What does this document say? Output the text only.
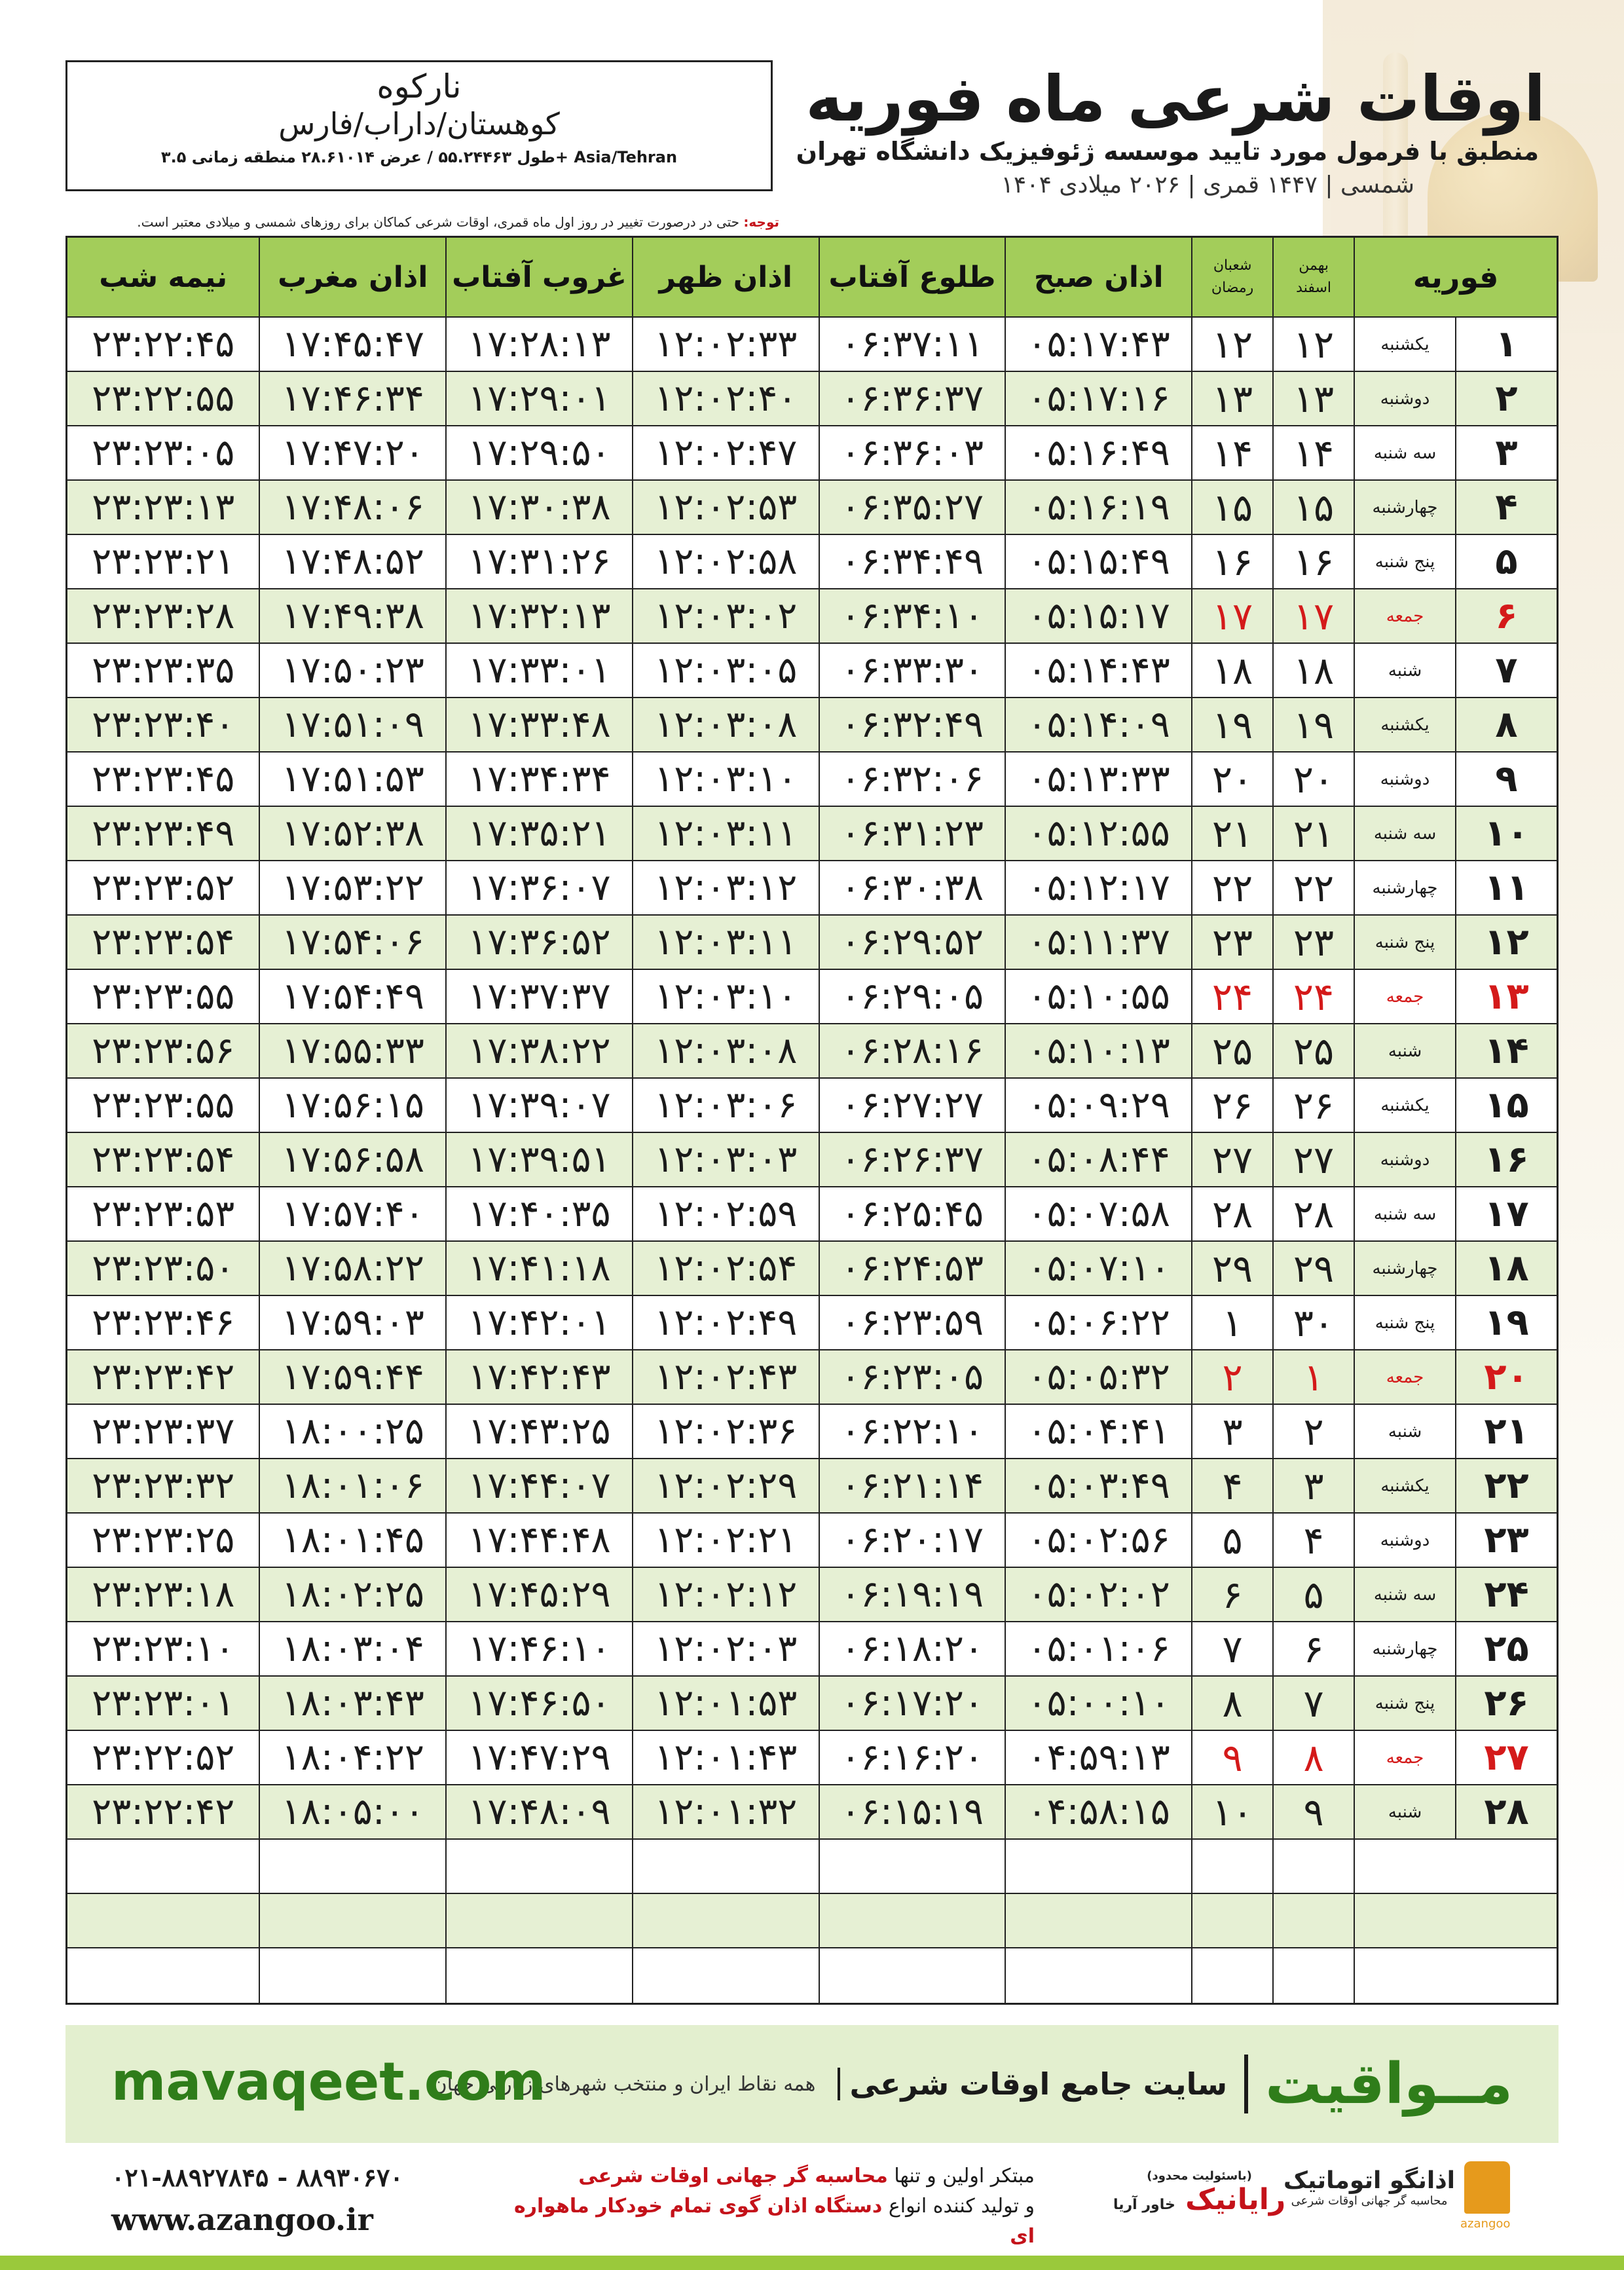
نارکوه
کوهستان/داراب/فارس
طول ۵۵.۲۴۴۶۳ / عرض ۲۸.۶۱۰۱۴ منطقه زمانی ۳.۵+ Asia/Tehran
اوقات شرعی ماه فوریه
منطبق با فرمول مورد تایید موسسه ژئوفیزیک دانشگاه تهران
۱۴۰۴ شمسی | ۱۴۴۷ قمری | ۲۰۲۶ میلادی
توجه: حتی در درصورت تغییر در روز اول ماه قمری، اوقات شرعی کماکان برای روزهای شمسی و میلادی معتبر است.
فوریه
بهمن
اسفند
شعبان
رمضان
اذان صبح
طلوع آفتاب
اذان ظهر
غروب آفتاب
اذان مغرب
نیمه شب
۱
یکشنبه
۱۲
۱۲
۰۵:۱۷:۴۳
۰۶:۳۷:۱۱
۱۲:۰۲:۳۳
۱۷:۲۸:۱۳
۱۷:۴۵:۴۷
۲۳:۲۲:۴۵
۲
دوشنبه
۱۳
۱۳
۰۵:۱۷:۱۶
۰۶:۳۶:۳۷
۱۲:۰۲:۴۰
۱۷:۲۹:۰۱
۱۷:۴۶:۳۴
۲۳:۲۲:۵۵
۳
سه شنبه
۱۴
۱۴
۰۵:۱۶:۴۹
۰۶:۳۶:۰۳
۱۲:۰۲:۴۷
۱۷:۲۹:۵۰
۱۷:۴۷:۲۰
۲۳:۲۳:۰۵
۴
چهارشنبه
۱۵
۱۵
۰۵:۱۶:۱۹
۰۶:۳۵:۲۷
۱۲:۰۲:۵۳
۱۷:۳۰:۳۸
۱۷:۴۸:۰۶
۲۳:۲۳:۱۳
۵
پنج شنبه
۱۶
۱۶
۰۵:۱۵:۴۹
۰۶:۳۴:۴۹
۱۲:۰۲:۵۸
۱۷:۳۱:۲۶
۱۷:۴۸:۵۲
۲۳:۲۳:۲۱
۶
جمعه
۱۷
۱۷
۰۵:۱۵:۱۷
۰۶:۳۴:۱۰
۱۲:۰۳:۰۲
۱۷:۳۲:۱۳
۱۷:۴۹:۳۸
۲۳:۲۳:۲۸
۷
شنبه
۱۸
۱۸
۰۵:۱۴:۴۳
۰۶:۳۳:۳۰
۱۲:۰۳:۰۵
۱۷:۳۳:۰۱
۱۷:۵۰:۲۳
۲۳:۲۳:۳۵
۸
یکشنبه
۱۹
۱۹
۰۵:۱۴:۰۹
۰۶:۳۲:۴۹
۱۲:۰۳:۰۸
۱۷:۳۳:۴۸
۱۷:۵۱:۰۹
۲۳:۲۳:۴۰
۹
دوشنبه
۲۰
۲۰
۰۵:۱۳:۳۳
۰۶:۳۲:۰۶
۱۲:۰۳:۱۰
۱۷:۳۴:۳۴
۱۷:۵۱:۵۳
۲۳:۲۳:۴۵
۱۰
سه شنبه
۲۱
۲۱
۰۵:۱۲:۵۵
۰۶:۳۱:۲۳
۱۲:۰۳:۱۱
۱۷:۳۵:۲۱
۱۷:۵۲:۳۸
۲۳:۲۳:۴۹
۱۱
چهارشنبه
۲۲
۲۲
۰۵:۱۲:۱۷
۰۶:۳۰:۳۸
۱۲:۰۳:۱۲
۱۷:۳۶:۰۷
۱۷:۵۳:۲۲
۲۳:۲۳:۵۲
۱۲
پنج شنبه
۲۳
۲۳
۰۵:۱۱:۳۷
۰۶:۲۹:۵۲
۱۲:۰۳:۱۱
۱۷:۳۶:۵۲
۱۷:۵۴:۰۶
۲۳:۲۳:۵۴
۱۳
جمعه
۲۴
۲۴
۰۵:۱۰:۵۵
۰۶:۲۹:۰۵
۱۲:۰۳:۱۰
۱۷:۳۷:۳۷
۱۷:۵۴:۴۹
۲۳:۲۳:۵۵
۱۴
شنبه
۲۵
۲۵
۰۵:۱۰:۱۳
۰۶:۲۸:۱۶
۱۲:۰۳:۰۸
۱۷:۳۸:۲۲
۱۷:۵۵:۳۳
۲۳:۲۳:۵۶
۱۵
یکشنبه
۲۶
۲۶
۰۵:۰۹:۲۹
۰۶:۲۷:۲۷
۱۲:۰۳:۰۶
۱۷:۳۹:۰۷
۱۷:۵۶:۱۵
۲۳:۲۳:۵۵
۱۶
دوشنبه
۲۷
۲۷
۰۵:۰۸:۴۴
۰۶:۲۶:۳۷
۱۲:۰۳:۰۳
۱۷:۳۹:۵۱
۱۷:۵۶:۵۸
۲۳:۲۳:۵۴
۱۷
سه شنبه
۲۸
۲۸
۰۵:۰۷:۵۸
۰۶:۲۵:۴۵
۱۲:۰۲:۵۹
۱۷:۴۰:۳۵
۱۷:۵۷:۴۰
۲۳:۲۳:۵۳
۱۸
چهارشنبه
۲۹
۲۹
۰۵:۰۷:۱۰
۰۶:۲۴:۵۳
۱۲:۰۲:۵۴
۱۷:۴۱:۱۸
۱۷:۵۸:۲۲
۲۳:۲۳:۵۰
۱۹
پنج شنبه
۳۰
۱
۰۵:۰۶:۲۲
۰۶:۲۳:۵۹
۱۲:۰۲:۴۹
۱۷:۴۲:۰۱
۱۷:۵۹:۰۳
۲۳:۲۳:۴۶
۲۰
جمعه
۱
۲
۰۵:۰۵:۳۲
۰۶:۲۳:۰۵
۱۲:۰۲:۴۳
۱۷:۴۲:۴۳
۱۷:۵۹:۴۴
۲۳:۲۳:۴۲
۲۱
شنبه
۲
۳
۰۵:۰۴:۴۱
۰۶:۲۲:۱۰
۱۲:۰۲:۳۶
۱۷:۴۳:۲۵
۱۸:۰۰:۲۵
۲۳:۲۳:۳۷
۲۲
یکشنبه
۳
۴
۰۵:۰۳:۴۹
۰۶:۲۱:۱۴
۱۲:۰۲:۲۹
۱۷:۴۴:۰۷
۱۸:۰۱:۰۶
۲۳:۲۳:۳۲
۲۳
دوشنبه
۴
۵
۰۵:۰۲:۵۶
۰۶:۲۰:۱۷
۱۲:۰۲:۲۱
۱۷:۴۴:۴۸
۱۸:۰۱:۴۵
۲۳:۲۳:۲۵
۲۴
سه شنبه
۵
۶
۰۵:۰۲:۰۲
۰۶:۱۹:۱۹
۱۲:۰۲:۱۲
۱۷:۴۵:۲۹
۱۸:۰۲:۲۵
۲۳:۲۳:۱۸
۲۵
چهارشنبه
۶
۷
۰۵:۰۱:۰۶
۰۶:۱۸:۲۰
۱۲:۰۲:۰۳
۱۷:۴۶:۱۰
۱۸:۰۳:۰۴
۲۳:۲۳:۱۰
۲۶
پنج شنبه
۷
۸
۰۵:۰۰:۱۰
۰۶:۱۷:۲۰
۱۲:۰۱:۵۳
۱۷:۴۶:۵۰
۱۸:۰۳:۴۳
۲۳:۲۳:۰۱
۲۷
جمعه
۸
۹
۰۴:۵۹:۱۳
۰۶:۱۶:۲۰
۱۲:۰۱:۴۳
۱۷:۴۷:۲۹
۱۸:۰۴:۲۲
۲۳:۲۲:۵۲
۲۸
شنبه
۹
۱۰
۰۴:۵۸:۱۵
۰۶:۱۵:۱۹
۱۲:۰۱:۳۲
۱۷:۴۸:۰۹
۱۸:۰۵:۰۰
۲۳:۲۲:۴۲
مــواقیت
سایت جامع اوقات شرعی
همه نقاط ایران و منتخب شهرهای زیارتی جهان
mavaqeet.com
۰۲۱-۸۸۹۲۷۸۴۵ - ۸۸۹۳۰۶۷۰
www.azangoo.ir
مبتکر اولین و تنها محاسبه گر جهانی اوقات شرعی
و تولید کننده انواع دستگاه اذان گوی تمام خودکار ماهواره ای
(باسئولیت محدود)
رایانیک خاور آریا
azangoo
اذانگو اتوماتیک
محاسبه گر جهانی اوقات شرعی
